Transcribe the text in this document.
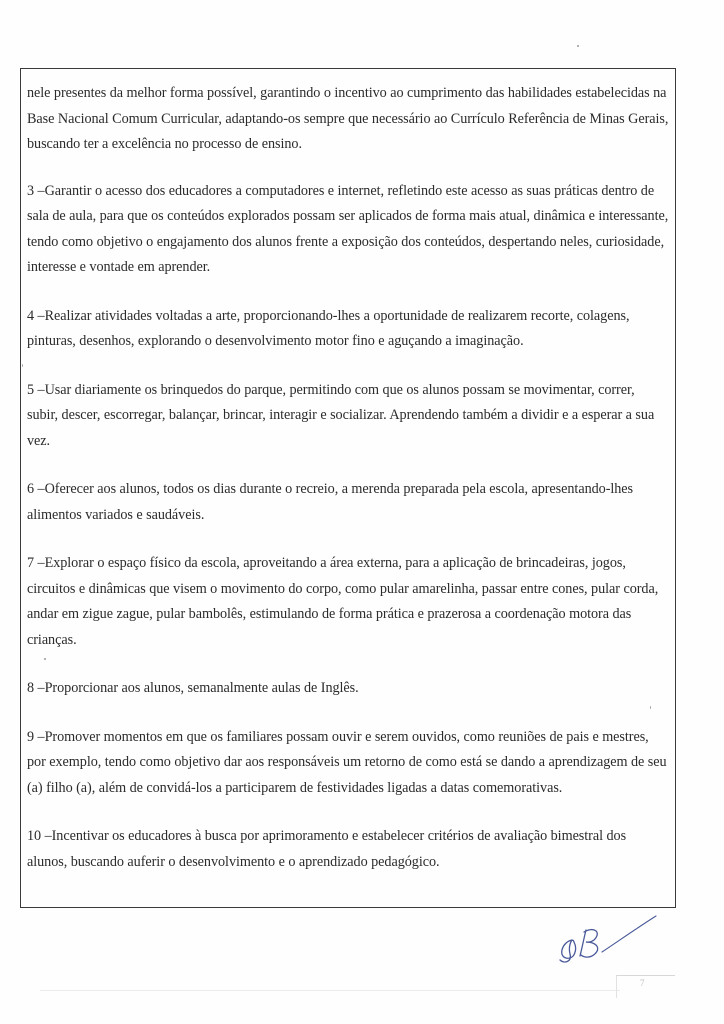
nele presentes da melhor forma possível, garantindo o incentivo ao cumprimento das habilidades estabelecidas na Base Nacional Comum Curricular, adaptando-os sempre que necessário ao Currículo Referência de Minas Gerais, buscando ter a excelência no processo de ensino.

3 –Garantir o acesso dos educadores a computadores e internet, refletindo este acesso as suas práticas dentro de sala de aula, para que os conteúdos explorados possam ser aplicados de forma mais atual, dinâmica e interessante, tendo como objetivo o engajamento dos alunos frente a exposição dos conteúdos, despertando neles, curiosidade, interesse e vontade em aprender.

4 –Realizar atividades voltadas a arte, proporcionando-lhes a oportunidade de realizarem recorte, colagens, pinturas, desenhos, explorando o desenvolvimento motor fino e aguçando a imaginação.

5 –Usar diariamente os brinquedos do parque, permitindo com que os alunos possam se movimentar, correr, subir, descer, escorregar, balançar, brincar, interagir e socializar. Aprendendo também a dividir e a esperar a sua vez.

6 –Oferecer aos alunos, todos os dias durante o recreio, a merenda preparada pela escola, apresentando-lhes alimentos variados e saudáveis.

7 –Explorar o espaço físico da escola, aproveitando a área externa, para a aplicação de brincadeiras, jogos, circuitos e dinâmicas que visem o movimento do corpo, como pular amarelinha, passar entre cones, pular corda, andar em zigue zague, pular bambolês, estimulando de forma prática e prazerosa a coordenação motora das crianças.

8 –Proporcionar aos alunos, semanalmente aulas de Inglês.

9 –Promover momentos em que os familiares possam ouvir e serem ouvidos, como reuniões de pais e mestres, por exemplo, tendo como objetivo dar aos responsáveis um retorno de como está se dando a aprendizagem de seu (a) filho (a), além de convidá-los a participarem de festividades ligadas a datas comemorativas.

10 –Incentivar os educadores à busca por aprimoramento e estabelecer critérios de avaliação bimestral dos alunos, buscando auferir o desenvolvimento e o aprendizado pedagógico.

7
